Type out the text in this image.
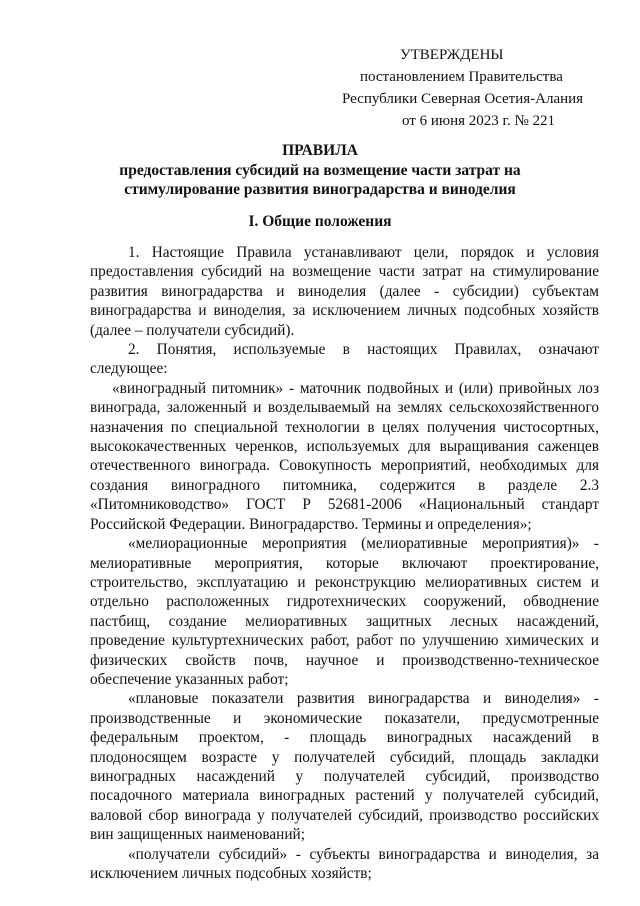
УТВЕРЖДЕНЫ
постановлением Правительства
Республики Северная Осетия-Алания
от 6 июня 2023 г. № 221
ПРАВИЛА
предоставления субсидий на возмещение части затрат на стимулирование развития виноградарства и виноделия
I. Общие положения

1. Настоящие Правила устанавливают цели, порядок и условия предоставления субсидий на возмещение части затрат на стимулирование развития виноградарства и виноделия (далее - субсидии) субъектам виноградарства и виноделия, за исключением личных подсобных хозяйств (далее – получатели субсидий).

2. Понятия, используемые в настоящих Правилах, означают следующее:

«виноградный питомник» - маточник подвойных и (или) привойных лоз винограда, заложенный и возделываемый на землях сельскохозяйственного назначения по специальной технологии в целях получения чистосортных, высококачественных черенков, используемых для выращивания саженцев отечественного винограда. Совокупность мероприятий, необходимых для создания виноградного питомника, содержится в разделе 2.3 «Питомниководство» ГОСТ Р 52681-2006 «Национальный стандарт Российской Федерации. Виноградарство. Термины и определения»;

«мелиорационные мероприятия (мелиоративные мероприятия)» - мелиоративные мероприятия, которые включают проектирование, строительство, эксплуатацию и реконструкцию мелиоративных систем и отдельно расположенных гидротехнических сооружений, обводнение пастбищ, создание мелиоративных защитных лесных насаждений, проведение культуртехнических работ, работ по улучшению химических и физических свойств почв, научное и производственно-техническое обеспечение указанных работ;

«плановые показатели развития виноградарства и виноделия» - производственные и экономические показатели, предусмотренные федеральным проектом, - площадь виноградных насаждений в плодоносящем возрасте у получателей субсидий, площадь закладки виноградных насаждений у получателей субсидий, производство посадочного материала виноградных растений у получателей субсидий, валовой сбор винограда у получателей субсидий, производство российских вин защищенных наименований;

«получатели субсидий» - субъекты виноградарства и виноделия, за исключением личных подсобных хозяйств;
